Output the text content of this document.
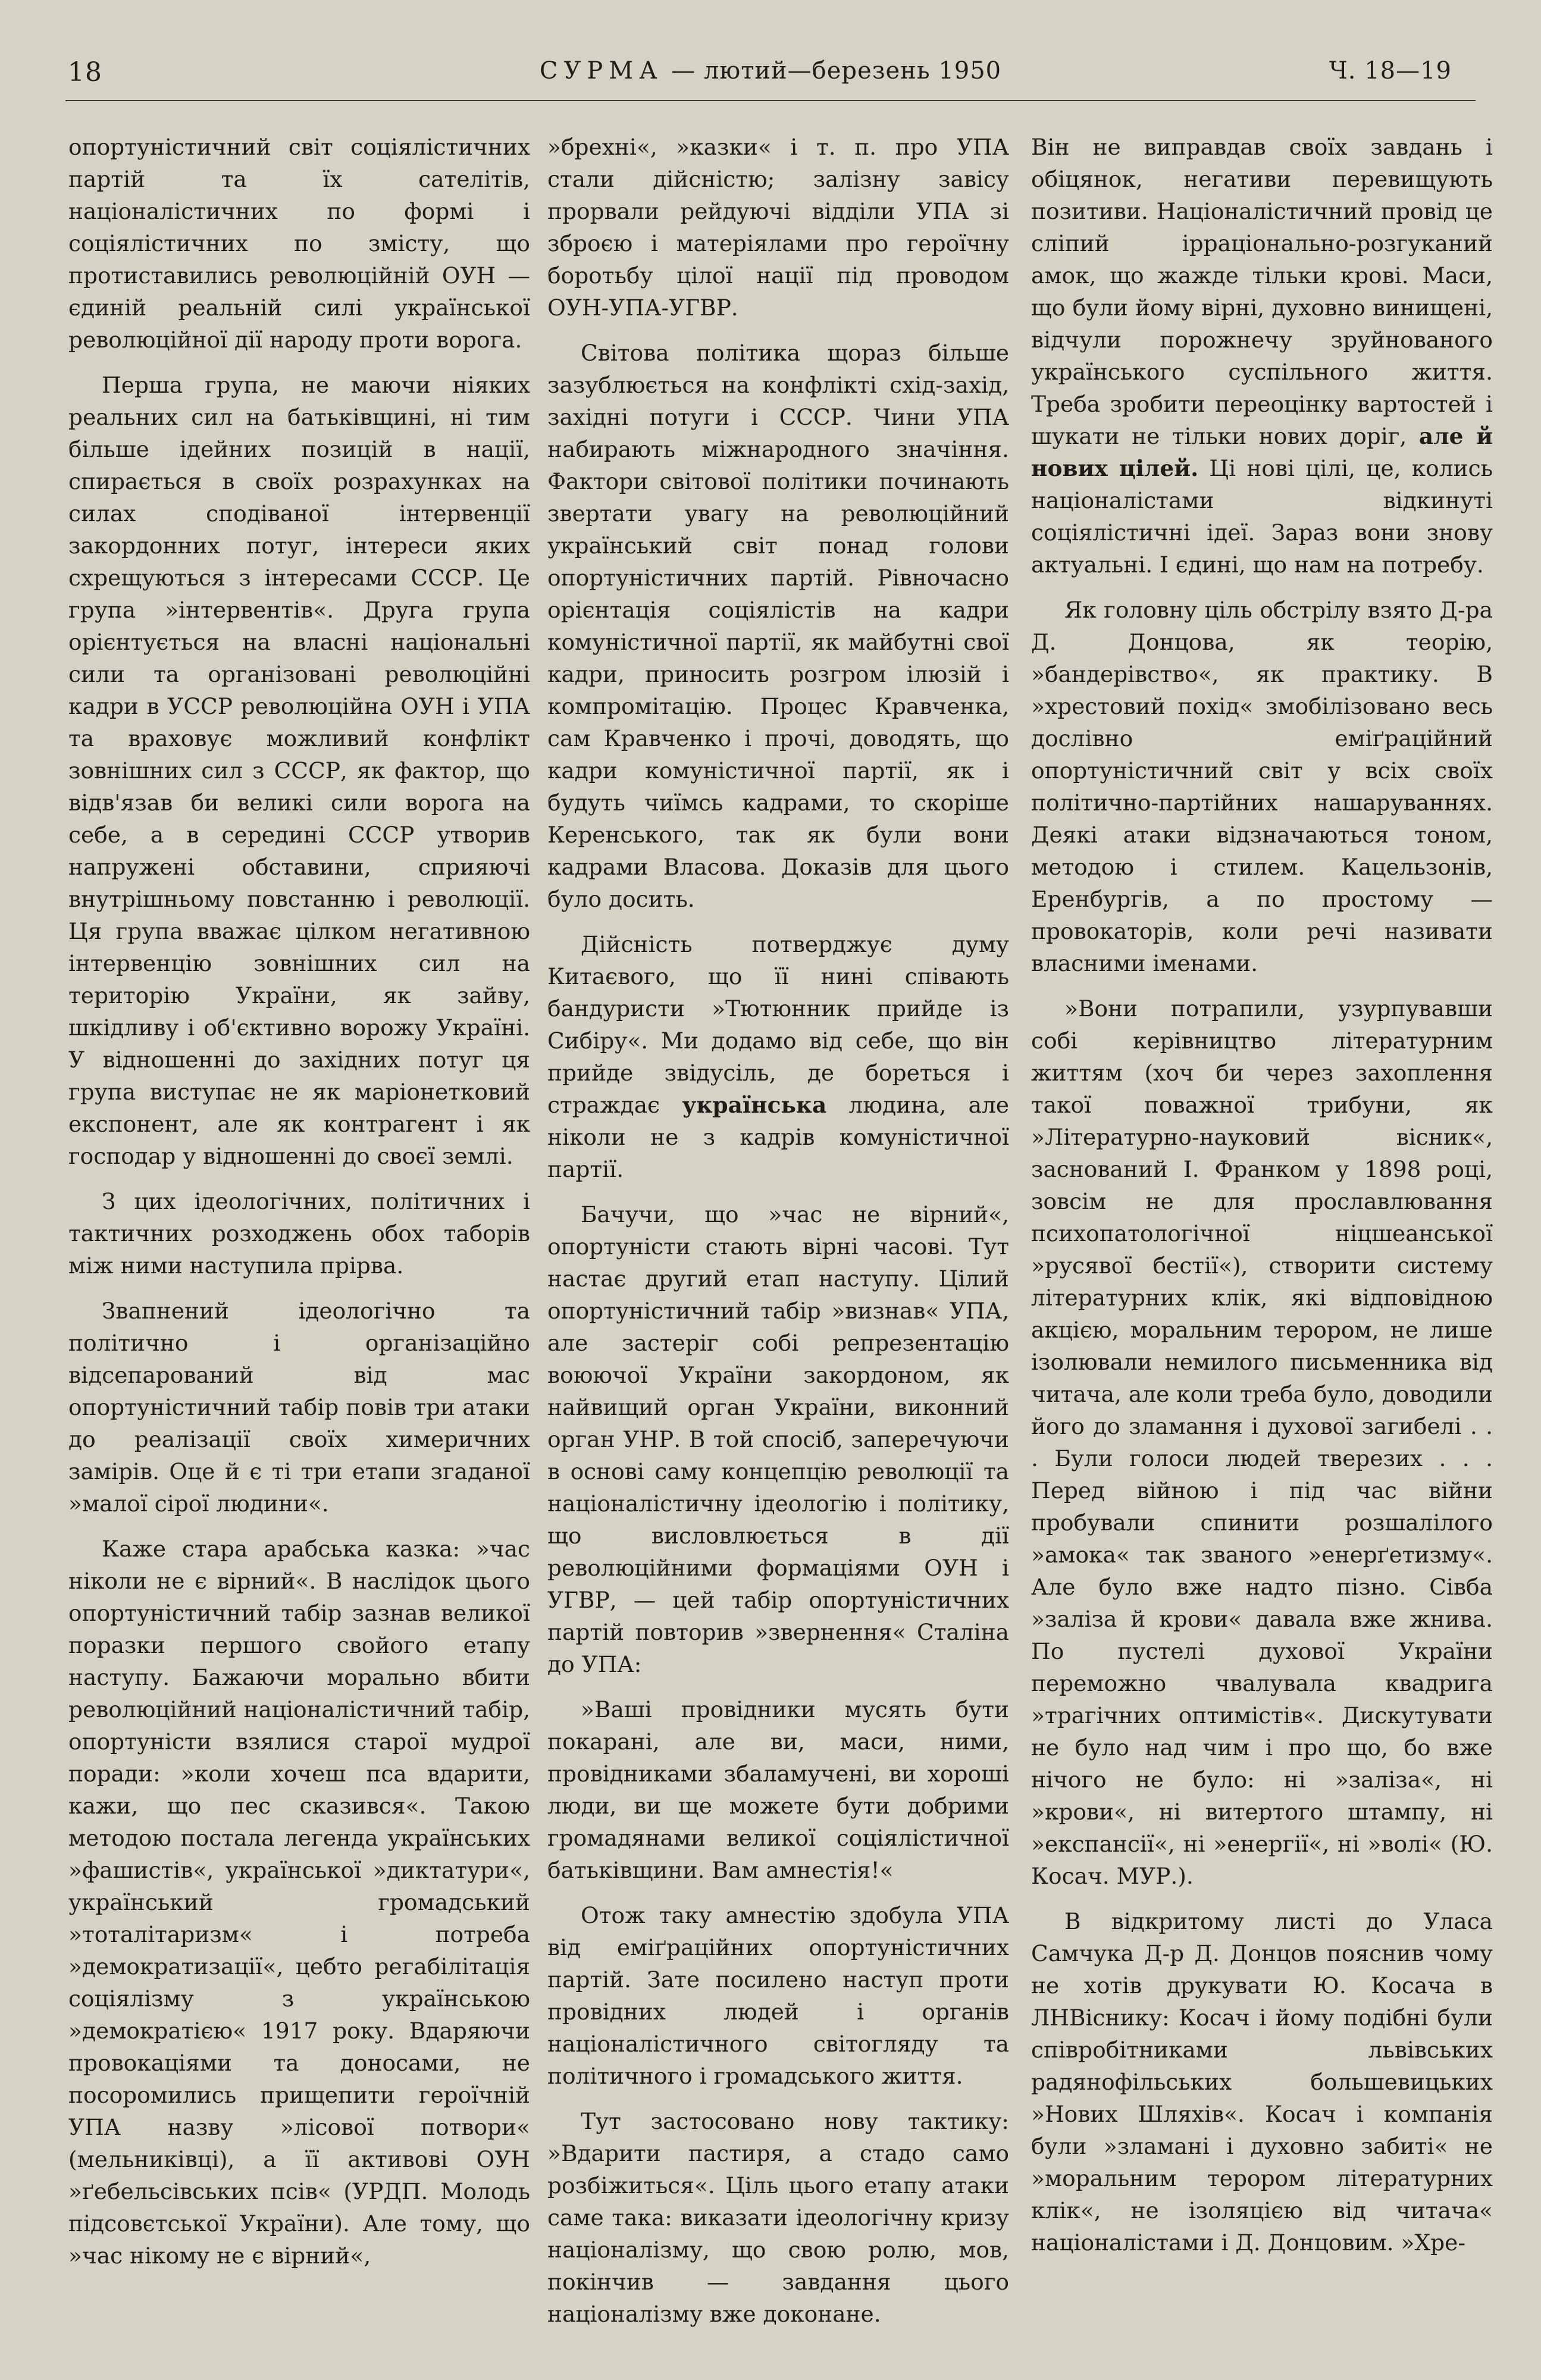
18	СУРМА — лютий—березень 1950	Ч. 18—19

опортуністичний світ соціялістичних партій та їх сателітів, націоналістичних по формі і соціялістичних по змісту, що протиставились революційній ОУН — єдиній реальній силі української революційної дії народу проти ворога.

Перша група, не маючи ніяких реальних сил на батьківщині, ні тим більше ідейних позицій в нації, спирається в своїх розрахунках на силах сподіваної інтервенції закордонних потуг, інтереси яких схрещуються з інтересами СССР. Це група »інтервентів«. Друга група орієнтується на власні національні сили та організовані революційні кадри в УССР революційна ОУН і УПА та враховує можливий конфлікт зовнішних сил з СССР, як фактор, що відв'язав би великі сили ворога на себе, а в середині СССР утворив напружені обставини, сприяючі внутрішньому повстанню і революції. Ця група вважає цілком негативною інтервенцію зовнішних сил на територію України, як зайву, шкідливу і об'єктивно ворожу Україні. У відношенні до західних потуг ця група виступає не як маріонетковий експонент, але як контрагент і як господар у відношенні до своєї землі.

З цих ідеологічних, політичних і тактичних розходжень обох таборів між ними наступила прірва.

Звапнений ідеологічно та політично і організаційно відсепарований від мас опортуністичний табір повів три атаки до реалізації своїх химеричних замірів. Оце й є ті три етапи згаданої »малої сірої людини«.

Каже стара арабська казка: »час ніколи не є вірний«. В наслідок цього опортуністичний табір зазнав великої поразки першого свойого етапу наступу. Бажаючи морально вбити революційний націоналістичний табір, опортуністи взялися старої мудрої поради: »коли хочеш пса вдарити, кажи, що пес сказився«. Такою методою постала легенда українських »фашистів«, української »диктатури«, український громадський »тоталітаризм« і потреба »демократизації«, цебто регабілітація соціялізму з українською »демократією« 1917 року. Вдаряючи провокаціями та доносами, не посоромились прищепити героїчній УПА назву »лісової потвори« (мельниківці), а її активові ОУН »ґебельсівських псів« (УРДП. Молодь підсовєтської України). Але тому, що »час нікому не є вірний«,

»брехні«, »казки« і т. п. про УПА стали дійсністю; залізну завісу прорвали рейдуючі відділи УПА зі зброєю і матеріялами про героїчну боротьбу цілої нації під проводом ОУН-УПА-УГВР.

Світова політика щораз більше зазублюється на конфлікті схід-захід, західні потуги і СССР. Чини УПА набирають міжнародного значіння. Фактори світової політики починають звертати увагу на революційний український світ понад голови опортуністичних партій. Рівночасно орієнтація соціялістів на кадри комуністичної партії, як майбутні свої кадри, приносить розгром ілюзій і компромітацію. Процес Кравченка, сам Кравченко і прочі, доводять, що кадри комуністичної партії, як і будуть чиїмсь кадрами, то скоріше Керенського, так як були вони кадрами Власова. Доказів для цього було досить.

Дійсність потверджує думу Китаєвого, що її нині співають бандуристи »Тютюнник прийде із Сибіру«. Ми додамо від себе, що він прийде звідусіль, де бореться і страждає українська людина, але ніколи не з кадрів комуністичної партії.

Бачучи, що »час не вірний«, опортуністи стають вірні часові. Тут настає другий етап наступу. Цілий опортуністичний табір »визнав« УПА, але застеріг собі репрезентацію воюючої України закордоном, як найвищий орган України, виконний орган УНР. В той спосіб, заперечуючи в основі саму концепцію революції та націоналістичну ідеологію і політику, що висловлюється в дії революційними формаціями ОУН і УГВР, — цей табір опортуністичних партій повторив »звернення« Сталіна до УПА:

»Ваші провідники мусять бути покарані, але ви, маси, ними, провідниками збаламучені, ви хороші люди, ви ще можете бути добрими громадянами великої соціялістичної батьківщини. Вам амнестія!«

Отож таку амнестію здобула УПА від еміґраційних опортуністичних партій. Зате посилено наступ проти провідних людей і органів націоналістичного світогляду та політичного і громадського життя.

Тут застосовано нову тактику: »Вдарити пастиря, а стадо само розбіжиться«. Ціль цього етапу атаки саме така: виказати ідеологічну кризу націоналізму, що свою ролю, мов, покінчив — завдання цього націоналізму вже доконане.

Він не виправдав своїх завдань і обіцянок, негативи перевищують позитиви. Націоналістичний провід це сліпий ірраціонально-розгуканий амок, що жажде тільки крові. Маси, що були йому вірні, духовно винищені, відчули порожнечу зруйнованого українського суспільного життя. Треба зробити переоцінку вартостей і шукати не тільки нових доріг, але й нових цілей. Ці нові цілі, це, колись націоналістами відкинуті соціялістичні ідеї. Зараз вони знову актуальні. І єдині, що нам на потребу.

Як головну ціль обстрілу взято Д-ра Д. Донцова, як теорію, »бандерівство«, як практику. В »хрестовий похід« змобілізовано весь дослівно еміґраційний опортуністичний світ у всіх своїх політично-партійних нашаруваннях. Деякі атаки відзначаються тоном, методою і стилем. Кацельзонів, Еренбургів, а по простому — провокаторів, коли речі називати власними іменами.

»Вони потрапили, узурпувавши собі керівництво літературним життям (хоч би через захоплення такої поважної трибуни, як »Літературно-науковий вісник«, заснований І. Франком у 1898 році, зовсім не для прославлювання психопатологічної ніцшеанської »русявої бестії«), створити систему літературних клік, які відповідною акцією, моральним терором, не лише ізолювали немилого письменника від читача, але коли треба було, доводили його до зламання і духової загибелі . . . Були голоси людей тверезих . . . Перед війною і під час війни пробували спинити розшалілого »амока« так званого »енерґетизму«. Але було вже надто пізно. Сівба »заліза й крови« давала вже жнива. По пустелі духової України переможно чвалувала квадрига »трагічних оптимістів«. Дискутувати не було над чим і про що, бо вже нічого не було: ні »заліза«, ні »крови«, ні витертого штампу, ні »експансії«, ні »енергії«, ні »волі« (Ю. Косач. МУР.).

В відкритому листі до Уласа Самчука Д-р Д. Донцов пояснив чому не хотів друкувати Ю. Косача в ЛНВіснику: Косач і йому подібні були співробітниками львівських радянофільських большевицьких »Нових Шляхів«. Косач і компанія були »зламані і духовно забиті« не »моральним терором літературних клік«, не ізоляцією від читача« націоналістами і Д. Донцовим. »Хре-
